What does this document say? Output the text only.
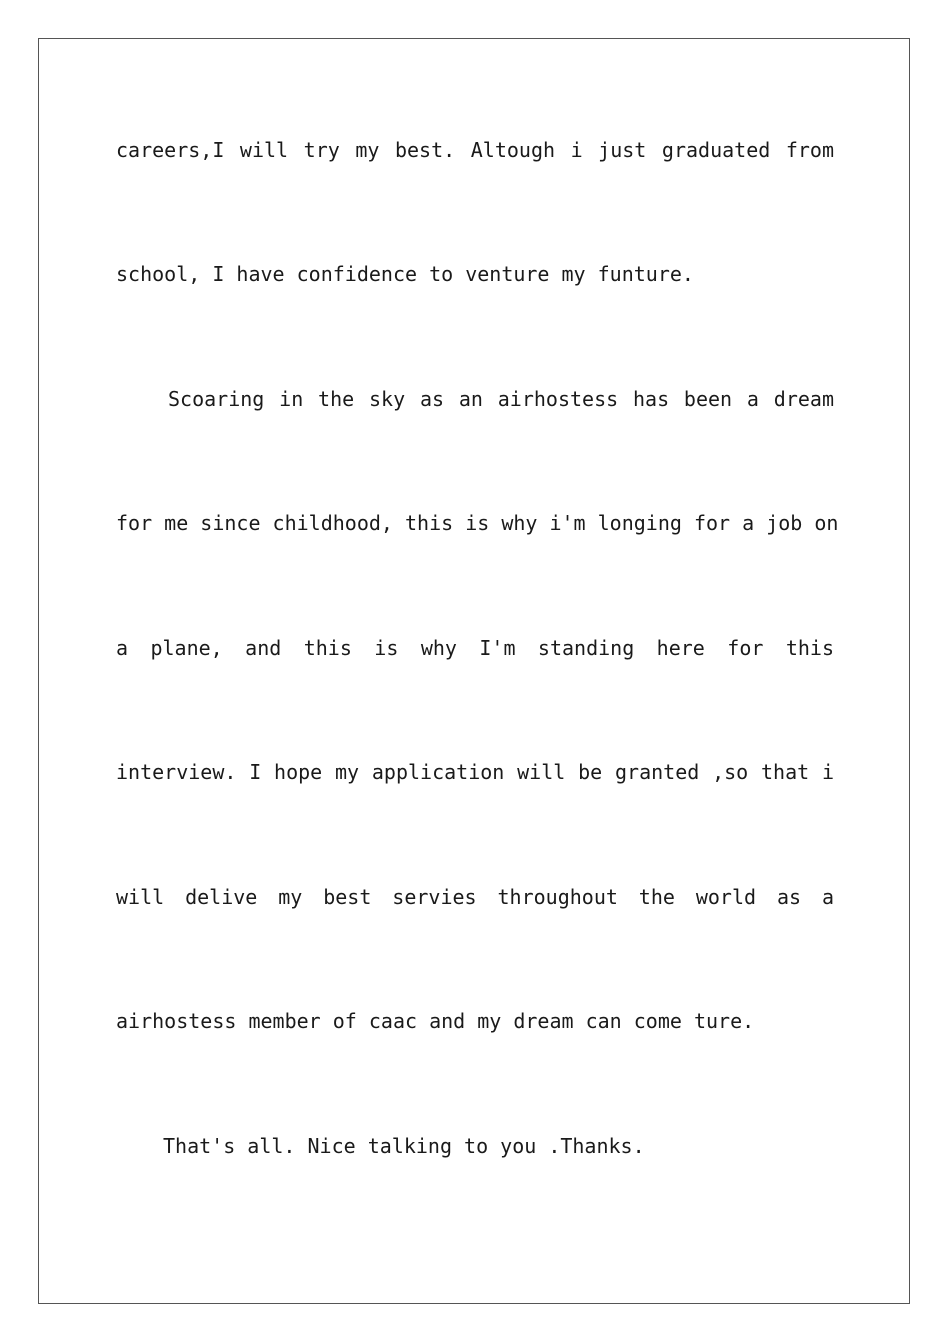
careers,I will try my best. Altough i just graduated from
school, I have confidence to venture my funture.
Scoaring in the sky as an airhostess has been a dream
for me since childhood, this is why i'm longing for a job on
a plane, and this is why I'm standing here for this
interview. I hope my application will be granted ,so that i
will delive my best servies throughout the world as a
airhostess member of caac and my dream can come ture.
That's all. Nice talking to you .Thanks.
